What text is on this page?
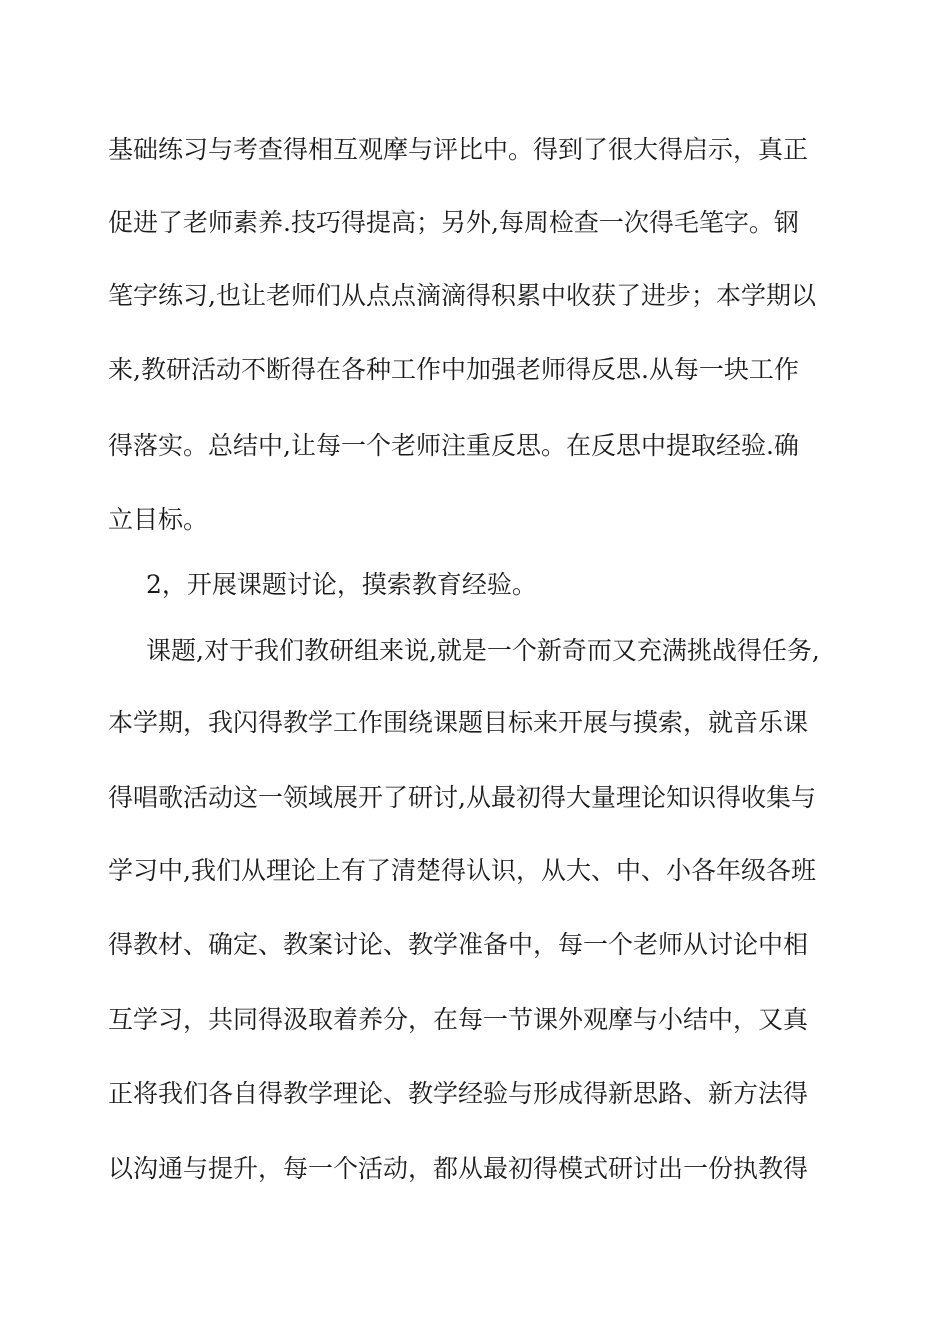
基础练习与考查得相互观摩与评比中。得到了很大得启示，真正
促进了老师素养.技巧得提高；另外,每周检查一次得毛笔字。钢
笔字练习,也让老师们从点点滴滴得积累中收获了进步；本学期以
来,教研活动不断得在各种工作中加强老师得反思.从每一块工作
得落实。总结中,让每一个老师注重反思。在反思中提取经验.确
立目标。
2，开展课题讨论，摸索教育经验。
课题,对于我们教研组来说,就是一个新奇而又充满挑战得任务,
本学期，我闪得教学工作围绕课题目标来开展与摸索，就音乐课
得唱歌活动这一领域展开了研讨,从最初得大量理论知识得收集与
学习中,我们从理论上有了清楚得认识，从大、中、小各年级各班
得教材、确定、教案讨论、教学准备中，每一个老师从讨论中相
互学习，共同得汲取着养分，在每一节课外观摩与小结中，又真
正将我们各自得教学理论、教学经验与形成得新思路、新方法得
以沟通与提升，每一个活动，都从最初得模式研讨出一份执教得
